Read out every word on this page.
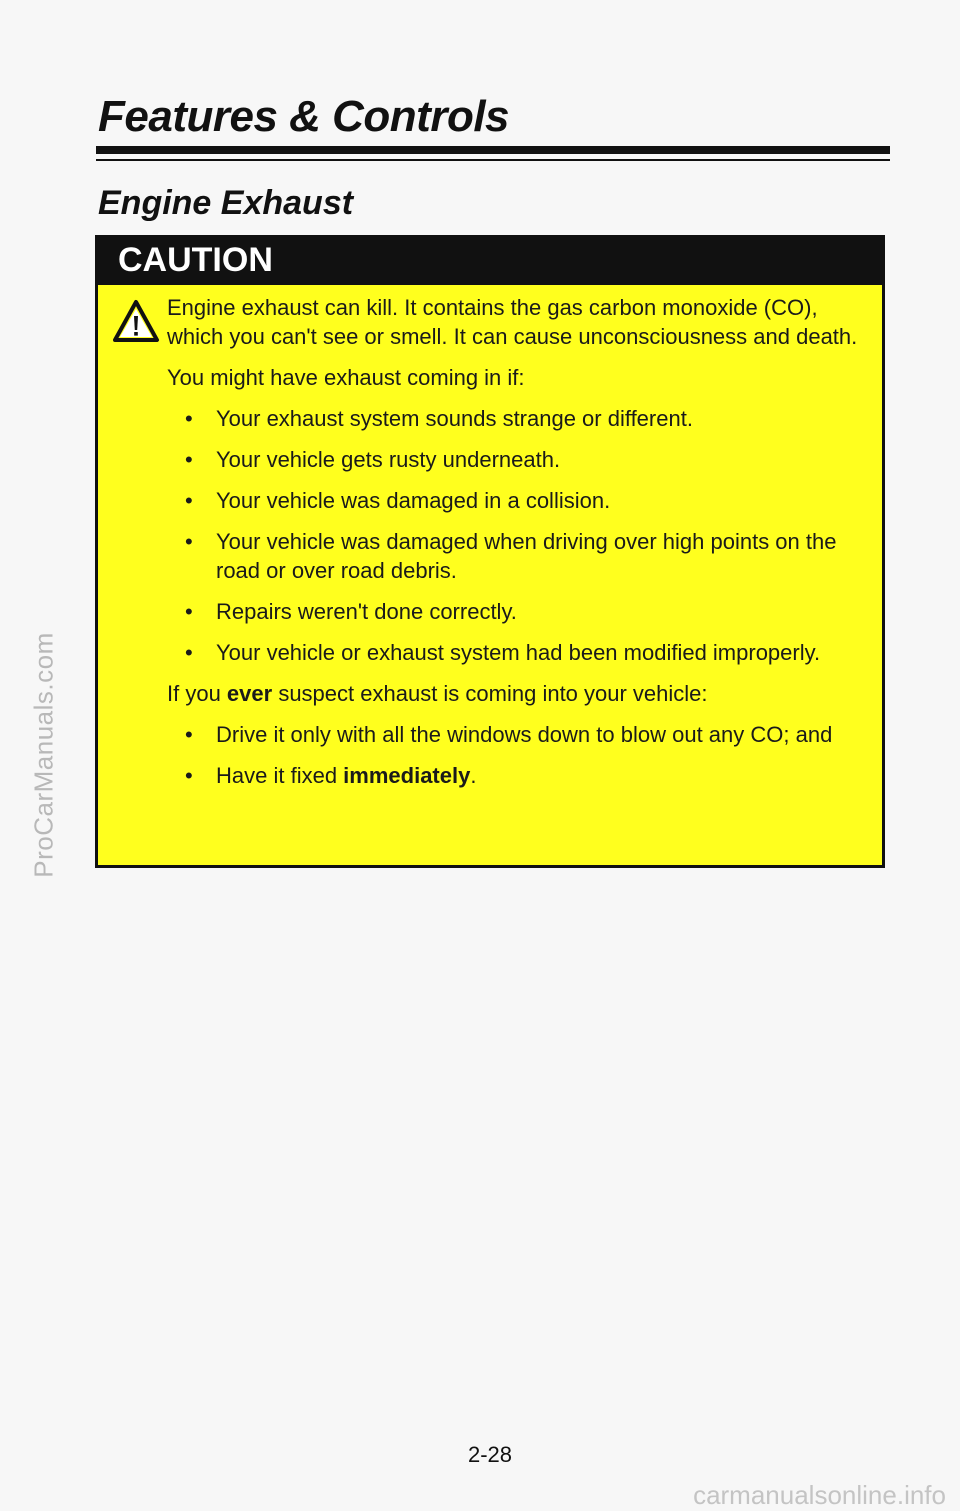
ProCarManuals.com
Features & Controls
Engine Exhaust
CAUTION

Engine exhaust can kill. It contains the gas carbon monoxide (CO), which you can't see or smell. It can cause unconsciousness and death.

You might have exhaust coming in if:

• Your exhaust system sounds strange or different.
• Your vehicle gets rusty underneath.
• Your vehicle was damaged in a collision.
• Your vehicle was damaged when driving over high points on the road or over road debris.
• Repairs weren't done correctly.
• Your vehicle or exhaust system had been modified improperly.

If you ever suspect exhaust is coming into your vehicle:

• Drive it only with all the windows down to blow out any CO; and
• Have it fixed immediately.
2-28
carmanualsonline.info
